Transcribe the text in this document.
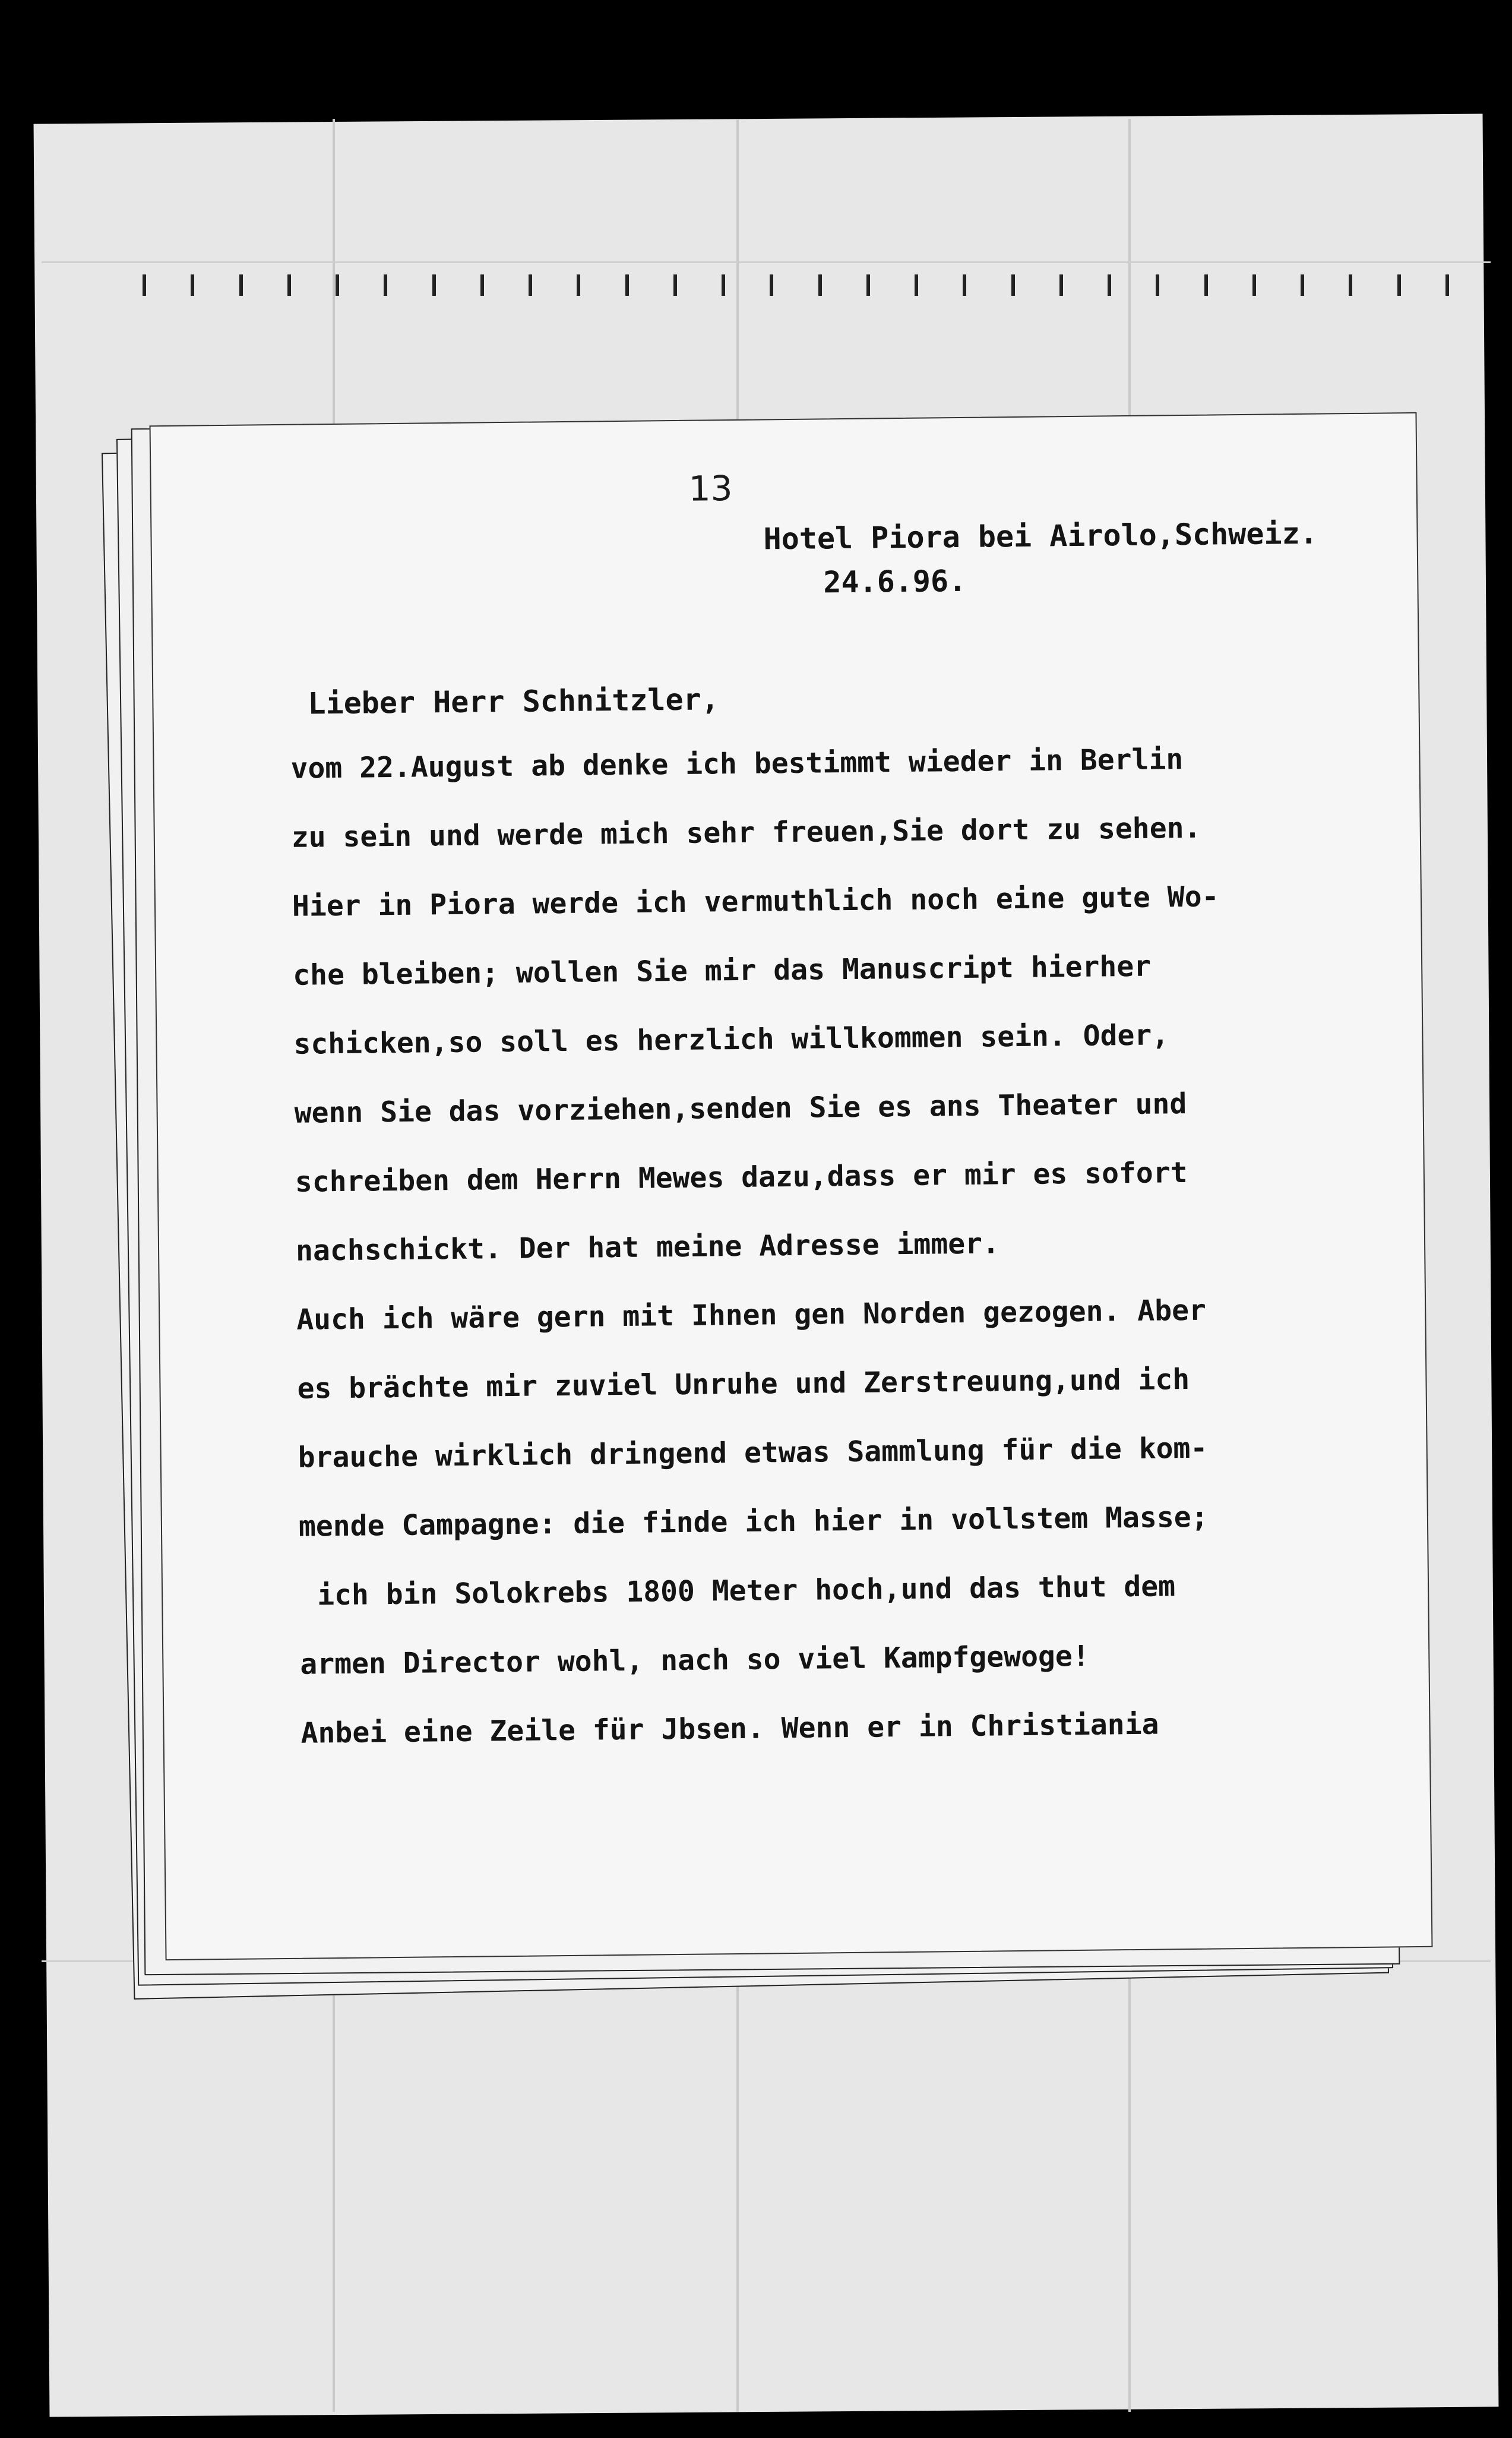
13
Hotel Piora bei Airolo,Schweiz.
24.6.96.
Lieber Herr Schnitzler,
vom 22.August ab denke ich bestimmt wieder in Berlin
zu sein und werde mich sehr freuen,Sie dort zu sehen.
Hier in Piora werde ich vermuthlich noch eine gute Wo-
che bleiben; wollen Sie mir das Manuscript hierher
schicken,so soll es herzlich willkommen sein. Oder,
wenn Sie das vorziehen,senden Sie es ans Theater und
schreiben dem Herrn Mewes dazu,dass er mir es sofort
nachschickt. Der hat meine Adresse immer.
Auch ich wäre gern mit Ihnen gen Norden gezogen. Aber
es brächte mir zuviel Unruhe und Zerstreuung,und ich
brauche wirklich dringend etwas Sammlung für die kom-
mende Campagne: die finde ich hier in vollstem Masse;
ich bin Solokrebs 1800 Meter hoch,und das thut dem
armen Director wohl, nach so viel Kampfgewoge!
Anbei eine Zeile für Jbsen. Wenn er in Christiania
